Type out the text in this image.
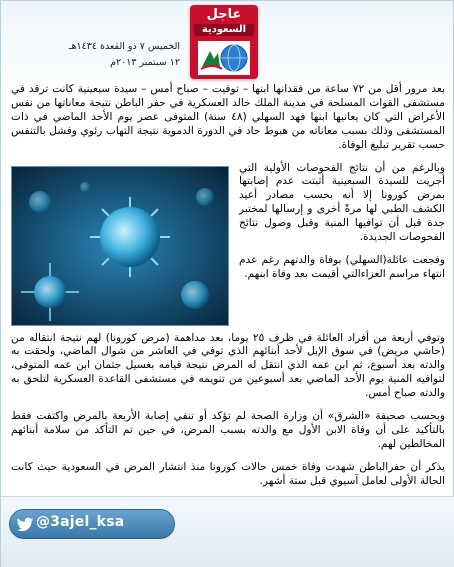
عاجل
السعودية
الخميس ٧ ذو القعدة ١٤٣٤هـ
١٢ سبتمبر ٢٠١٣م

بعد مرور أقل من ٧٢ ساعة من فقدانها ابنها – توفيت – صباح أمس – سيدة سبعينية كانت ترقد في مستشفى القوات المسلحة في مدينة الملك خالد العسكرية في حفر الباطن نتيجة معاناتها من نفس الأعراض التي كان يعانيها ابنها فهد السهلي (٤٨ سنة) المتوفى عصر يوم الأحد الماضي في ذات المستشفى وذلك بسبب معاناته من هبوط حاد في الدورة الدموية نتيجة التهاب رئوي وفشل بالتنفس حسب تقرير تبليغ الوفاة.

وبالرغم من أن نتائج الفحوصات الأولية التي أجريت للسيدة السبعينية أثبتت عدم إصابتها بمرض كورونا إلا أنه بحسب مصادر أعيد الكشف الطبي لها مرةً أخرى و إرسالها لمختبر جدة قبل أن توافيها المنية وقبل وصول نتائج الفحوصات الجديدة.

وفجعت عائلة(السهلي) بوفاة والدتهم رغم عدم انتهاء مراسم العزاءالتي أقيمت بعد وفاة ابنهم.

وتوفي أربعة من أفراد العائلة في ظرف ٢٥ يوما، بعد مداهمة (مرض كورونا) لهم نتيجة انتقاله من (حاشي مريض) في سوق الإبل لأحد أبنائهم الذي توفي في العاشر من شوال الماضي، ولحقت به والدته بعد أسبوع، ثم ابن عمه الذي انتقل له المرض نتيجة قيامه بغسيل جثمان ابن عمه المتوفى، لتوافيه المنية يوم الأحد الماضي بعد أسبوعين من تنويمه في مستشفى القاعدة العسكرية لتلحق به والدته صباح أمس.

وبحسب صحيفة «الشرق» أن وزارة الصحة لم تؤكد أو تنفي إصابة الأربعة بالمرض واكتفت فقط بالتأكيد على أن وفاة الابن الأول مع والدته بسبب المرض، في حين تم التأكد من سلامة أبنائهم المخالطين لهم.

يذكر أن حفرالباطن شهدت وفاة خمس حالات كورونا منذ انتشار المرض في السعودية حيث كانت الحالة الأولى لعامل آسيوي قبل ستة أشهر.

@3ajel_ksa
